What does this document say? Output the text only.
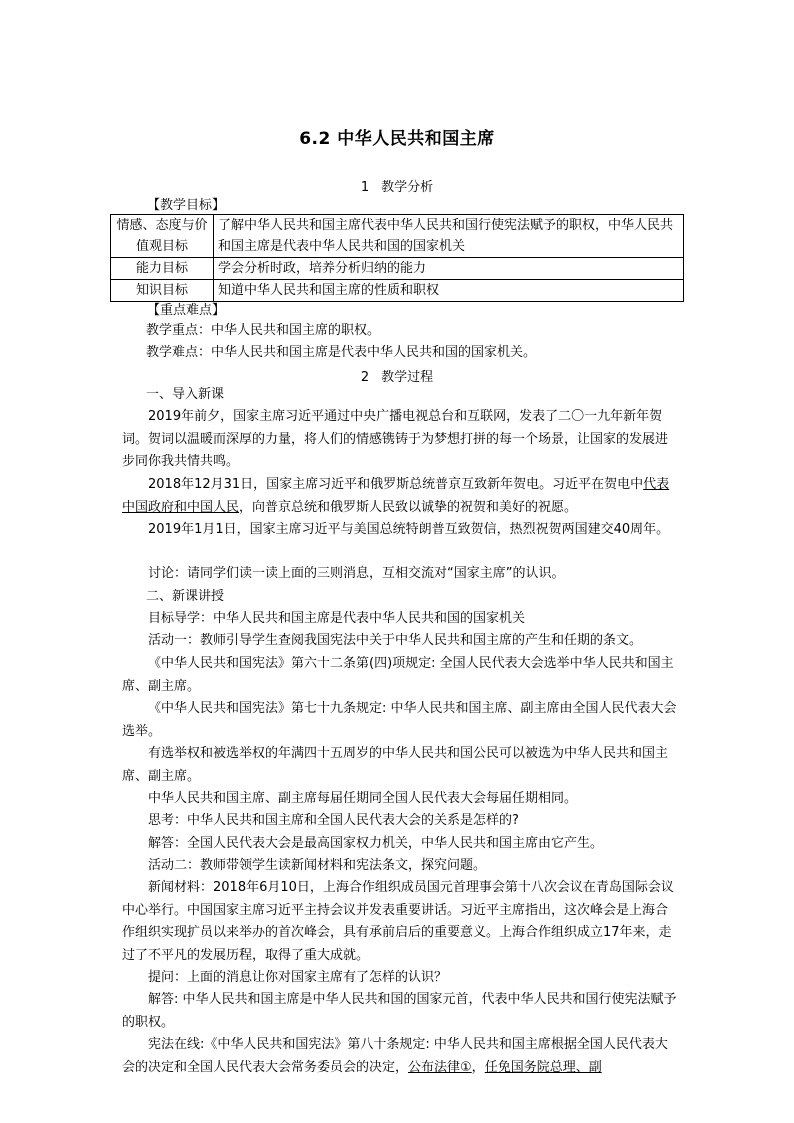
6.2 中华人民共和国主席
1 教学分析
【教学目标】
情感、态度与价值观目标	了解中华人民共和国主席代表中华人民共和国行使宪法赋予的职权，中华人民共和国主席是代表中华人民共和国的国家机关
能力目标	学会分析时政，培养分析归纳的能力
知识目标	知道中华人民共和国主席的性质和职权
【重点难点】
教学重点：中华人民共和国主席的职权。
教学难点：中华人民共和国主席是代表中华人民共和国的国家机关。
2 教学过程
一、导入新课
2019年前夕，国家主席习近平通过中央广播电视总台和互联网，发表了二〇一九年新年贺词。贺词以温暖而深厚的力量，将人们的情感镌铸于为梦想打拼的每一个场景，让国家的发展进步同你我共情共鸣。
2018年12月31日，国家主席习近平和俄罗斯总统普京互致新年贺电。习近平在贺电中代表中国政府和中国人民，向普京总统和俄罗斯人民致以诚挚的祝贺和美好的祝愿。
2019年1月1日，国家主席习近平与美国总统特朗普互致贺信，热烈祝贺两国建交40周年。
讨论：请同学们读一读上面的三则消息，互相交流对“国家主席”的认识。
二、新课讲授
目标导学：中华人民共和国主席是代表中华人民共和国的国家机关
活动一：教师引导学生查阅我国宪法中关于中华人民共和国主席的产生和任期的条文。
《中华人民共和国宪法》第六十二条第(四)项规定: 全国人民代表大会选举中华人民共和国主席、副主席。
《中华人民共和国宪法》第七十九条规定: 中华人民共和国主席、副主席由全国人民代表大会选举。
有选举权和被选举权的年满四十五周岁的中华人民共和国公民可以被选为中华人民共和国主席、副主席。
中华人民共和国主席、副主席每届任期同全国人民代表大会每届任期相同。
思考：中华人民共和国主席和全国人民代表大会的关系是怎样的?
解答：全国人民代表大会是最高国家权力机关，中华人民共和国主席由它产生。
活动二：教师带领学生读新闻材料和宪法条文，探究问题。
新闻材料：2018年6月10日，上海合作组织成员国元首理事会第十八次会议在青岛国际会议中心举行。中国国家主席习近平主持会议并发表重要讲话。习近平主席指出，这次峰会是上海合作组织实现扩员以来举办的首次峰会，具有承前启后的重要意义。上海合作组织成立17年来，走过了不平凡的发展历程，取得了重大成就。
提问：上面的消息让你对国家主席有了怎样的认识？
解答: 中华人民共和国主席是中华人民共和国的国家元首，代表中华人民共和国行使宪法赋予的职权。
宪法在线:《中华人民共和国宪法》第八十条规定: 中华人民共和国主席根据全国人民代表大会的决定和全国人民代表大会常务委员会的决定，公布法律①，任免国务院总理、副
